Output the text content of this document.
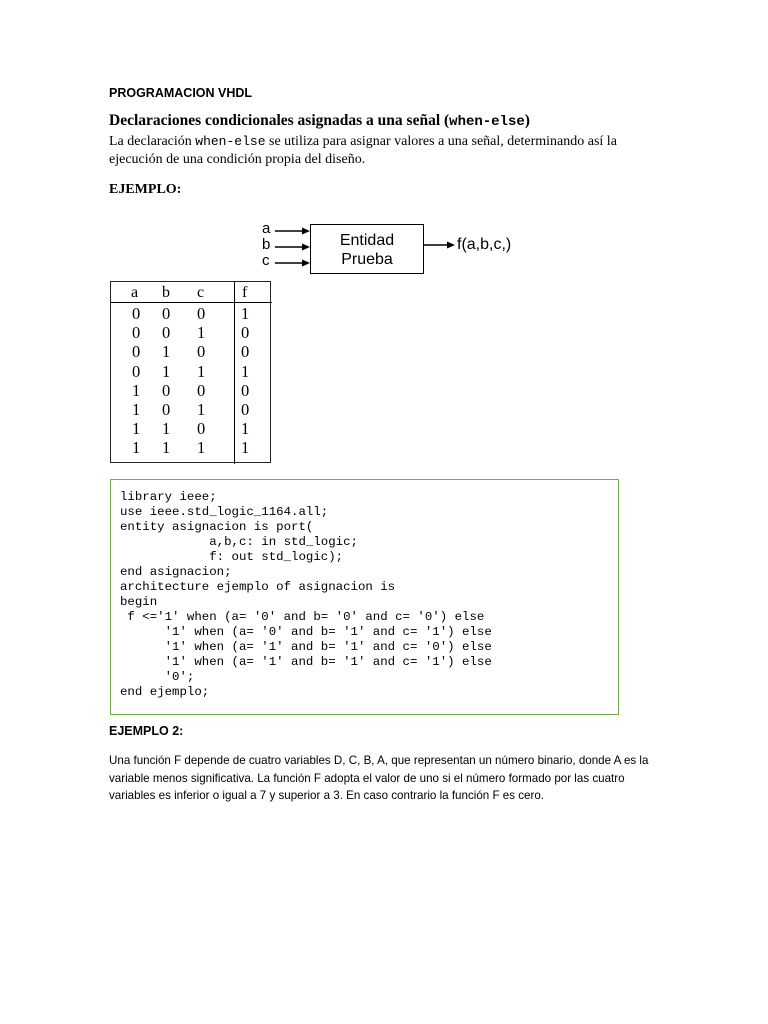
PROGRAMACION VHDL
Declaraciones condicionales asignadas a una señal (when-else)
La declaración when-else se utiliza para asignar valores a una señal, determinando así la ejecución de una condición propia del diseño.
EJEMPLO:
a
b
c
Entidad
Prueba
f(a,b,c,)
a b c f
0 0 0 1
0 0 1 0
0 1 0 0
0 1 1 1
1 0 0 0
1 0 1 0
1 1 0 1
1 1 1 1
library ieee;
use ieee.std_logic_1164.all;
entity asignacion is port(
a,b,c: in std_logic;
f: out std_logic);
end asignacion;
architecture ejemplo of asignacion is
begin
f <='1' when (a= '0' and b= '0' and c= '0') else
'1' when (a= '0' and b= '1' and c= '1') else
'1' when (a= '1' and b= '1' and c= '0') else
'1' when (a= '1' and b= '1' and c= '1') else
'0';
end ejemplo;
EJEMPLO 2:
Una función F depende de cuatro variables D, C, B, A, que representan un número binario, donde A es la variable menos significativa. La función F adopta el valor de uno si el número formado por las cuatro variables es inferior o igual a 7 y superior a 3. En caso contrario la función F es cero.
